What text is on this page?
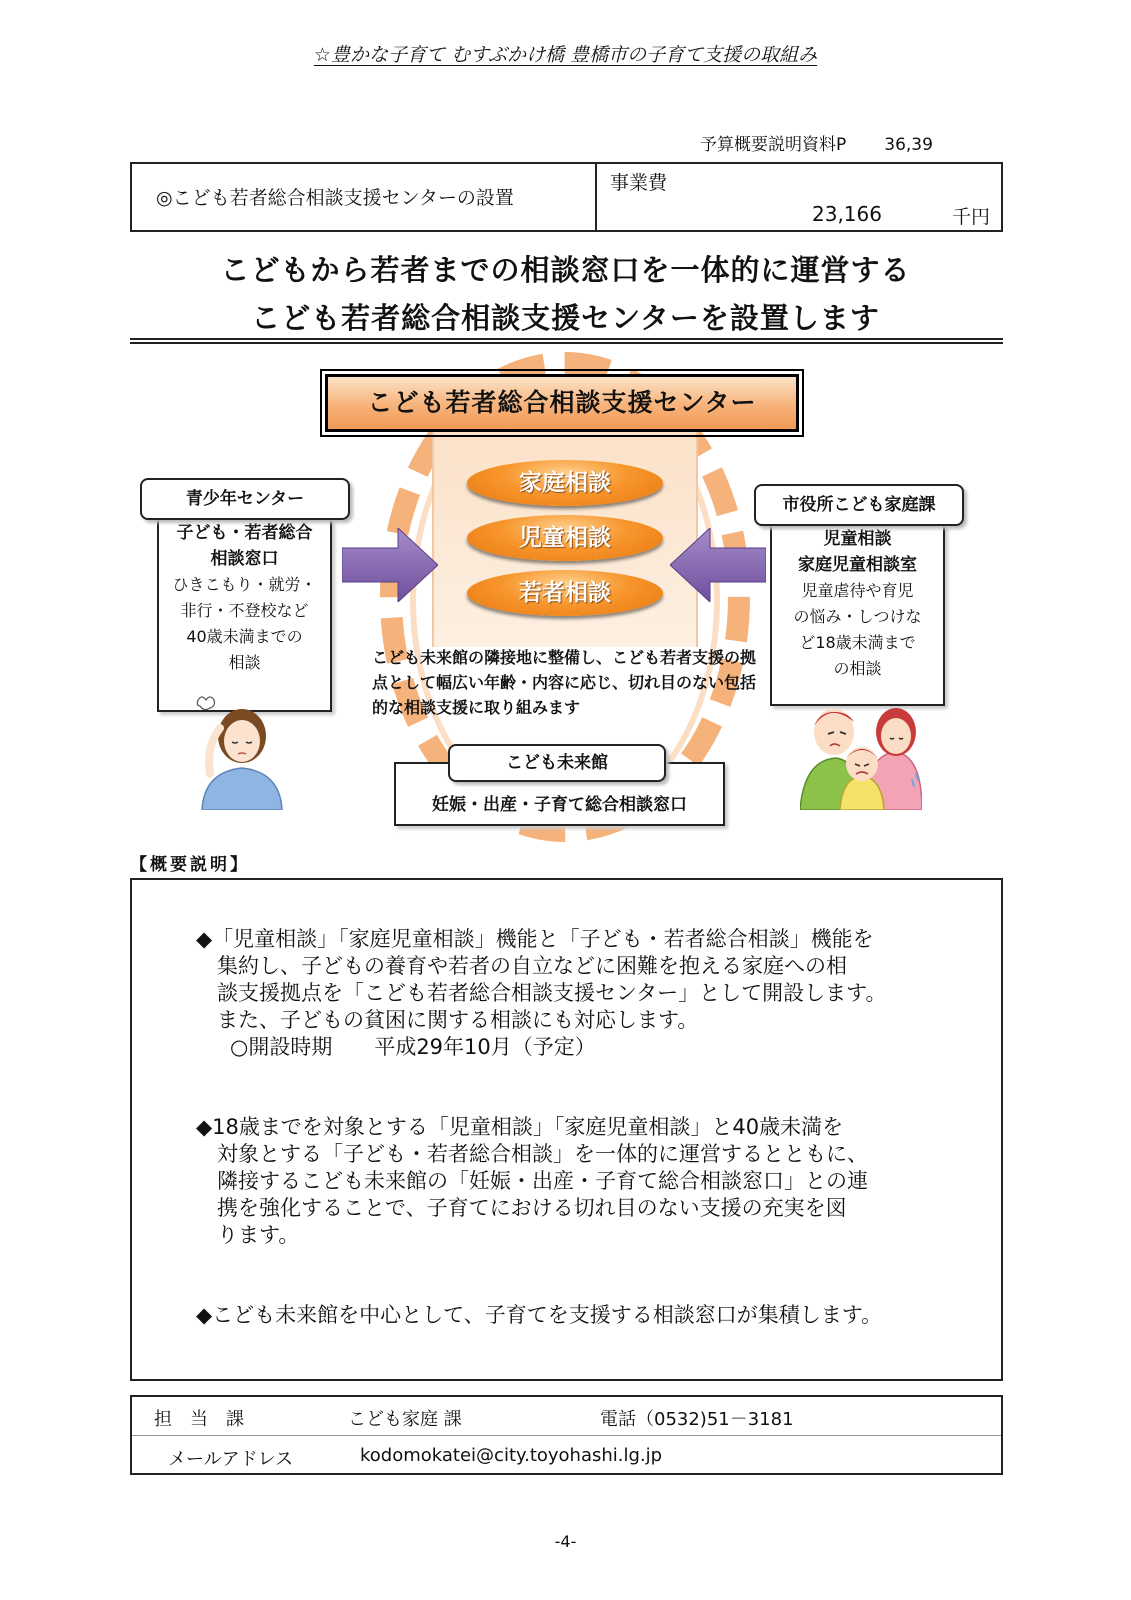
☆豊かな子育て むすぶかけ橋 豊橋市の子育て支援の取組み
予算概要説明資料P 36,39
◎こども若者総合相談支援センターの設置
事業費
23,166	千円
こどもから若者までの相談窓口を一体的に運営する
こども若者総合相談支援センターを設置します
こども若者総合相談支援センター
家庭相談
児童相談
若者相談
こども未来館の隣接地に整備し、こども若者支援の拠点として幅広い年齢・内容に応じ、切れ目のない包括的な相談支援に取り組みます
子ども・若者総合
相談窓口
ひきこもり・就労・
非行・不登校など
40歳未満までの
相談
青少年センター
児童相談
家庭児童相談室
児童虐待や育児
の悩み・しつけな
ど18歳未満まで
の相談
市役所こども家庭課
妊娠・出産・子育て総合相談窓口
こども未来館
【概要説明】
◆「児童相談」「家庭児童相談」機能と「子ども・若者総合相談」機能を
集約し、子どもの養育や若者の自立などに困難を抱える家庭への相
談支援拠点を「こども若者総合相談支援センター」として開設します。
また、子どもの貧困に関する相談にも対応します。
○開設時期　　平成29年10月（予定）
◆18歳までを対象とする「児童相談」「家庭児童相談」と40歳未満を
対象とする「子ども・若者総合相談」を一体的に運営するとともに、
隣接するこども未来館の「妊娠・出産・子育て総合相談窓口」との連
携を強化することで、子育てにおける切れ目のない支援の充実を図
ります。
◆こども未来館を中心として、子育てを支援する相談窓口が集積します。
担　当　課	こども家庭 課	電話（0532)51－3181
メールアドレス	kodomokatei@city.toyohashi.lg.jp
-4-
